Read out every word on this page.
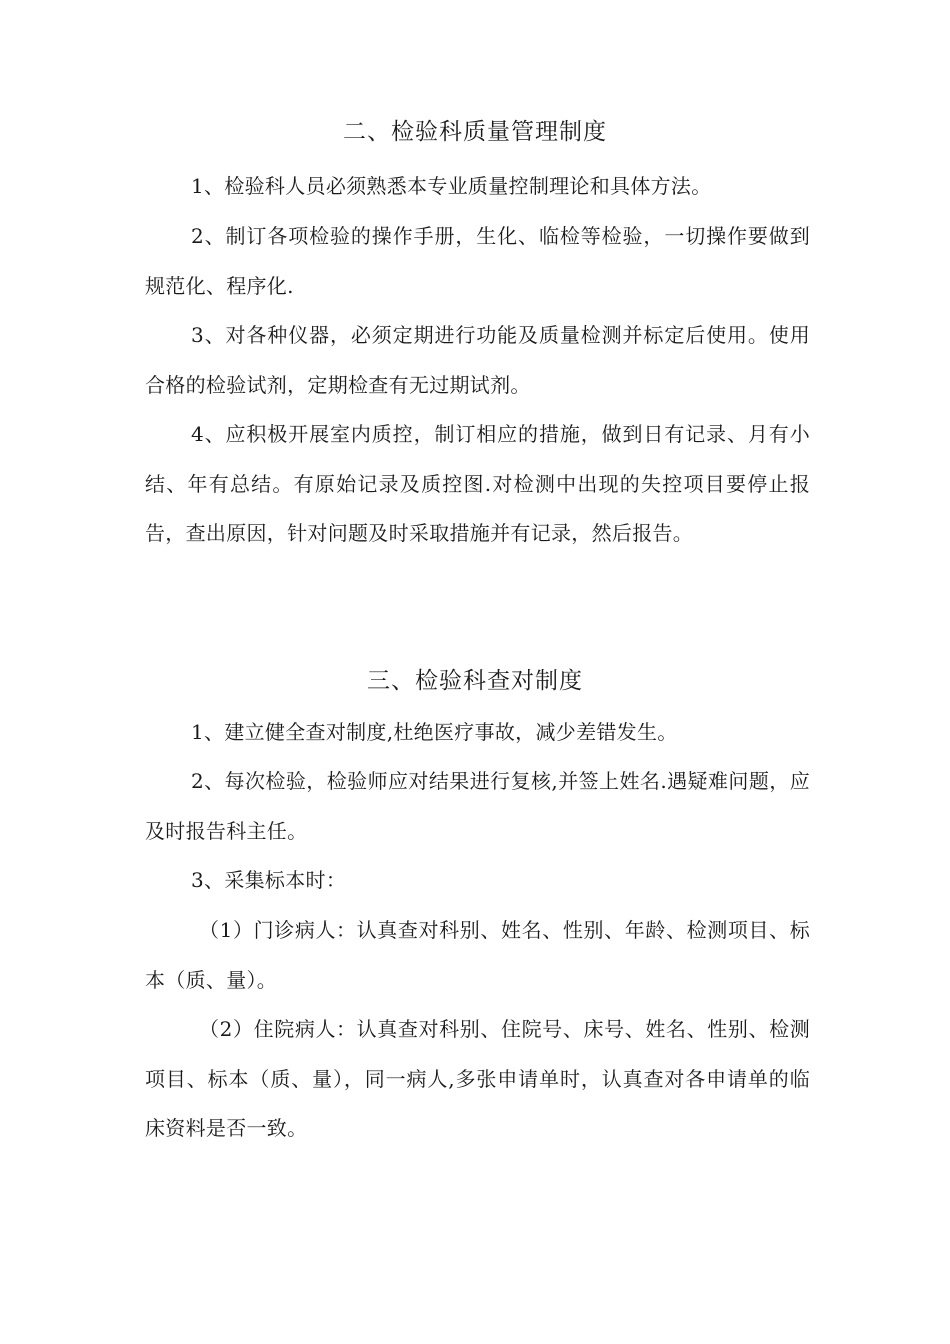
二、检验科质量管理制度
1、检验科人员必须熟悉本专业质量控制理论和具体方法。
2、制订各项检验的操作手册，生化、临检等检验，一切操作要做到规范化、程序化.
3、对各种仪器，必须定期进行功能及质量检测并标定后使用。使用合格的检验试剂，定期检查有无过期试剂。
4、应积极开展室内质控，制订相应的措施，做到日有记录、月有小结、年有总结。有原始记录及质控图.对检测中出现的失控项目要停止报告，查出原因，针对问题及时采取措施并有记录，然后报告。
三、检验科查对制度
1、建立健全查对制度,杜绝医疗事故，减少差错发生。
2、每次检验，检验师应对结果进行复核,并签上姓名.遇疑难问题，应及时报告科主任。
3、采集标本时：
（1）门诊病人：认真查对科别、姓名、性别、年龄、检测项目、标本（质、量）。
（2）住院病人：认真查对科别、住院号、床号、姓名、性别、检测项目、标本（质、量），同一病人,多张申请单时，认真查对各申请单的临床资料是否一致。
